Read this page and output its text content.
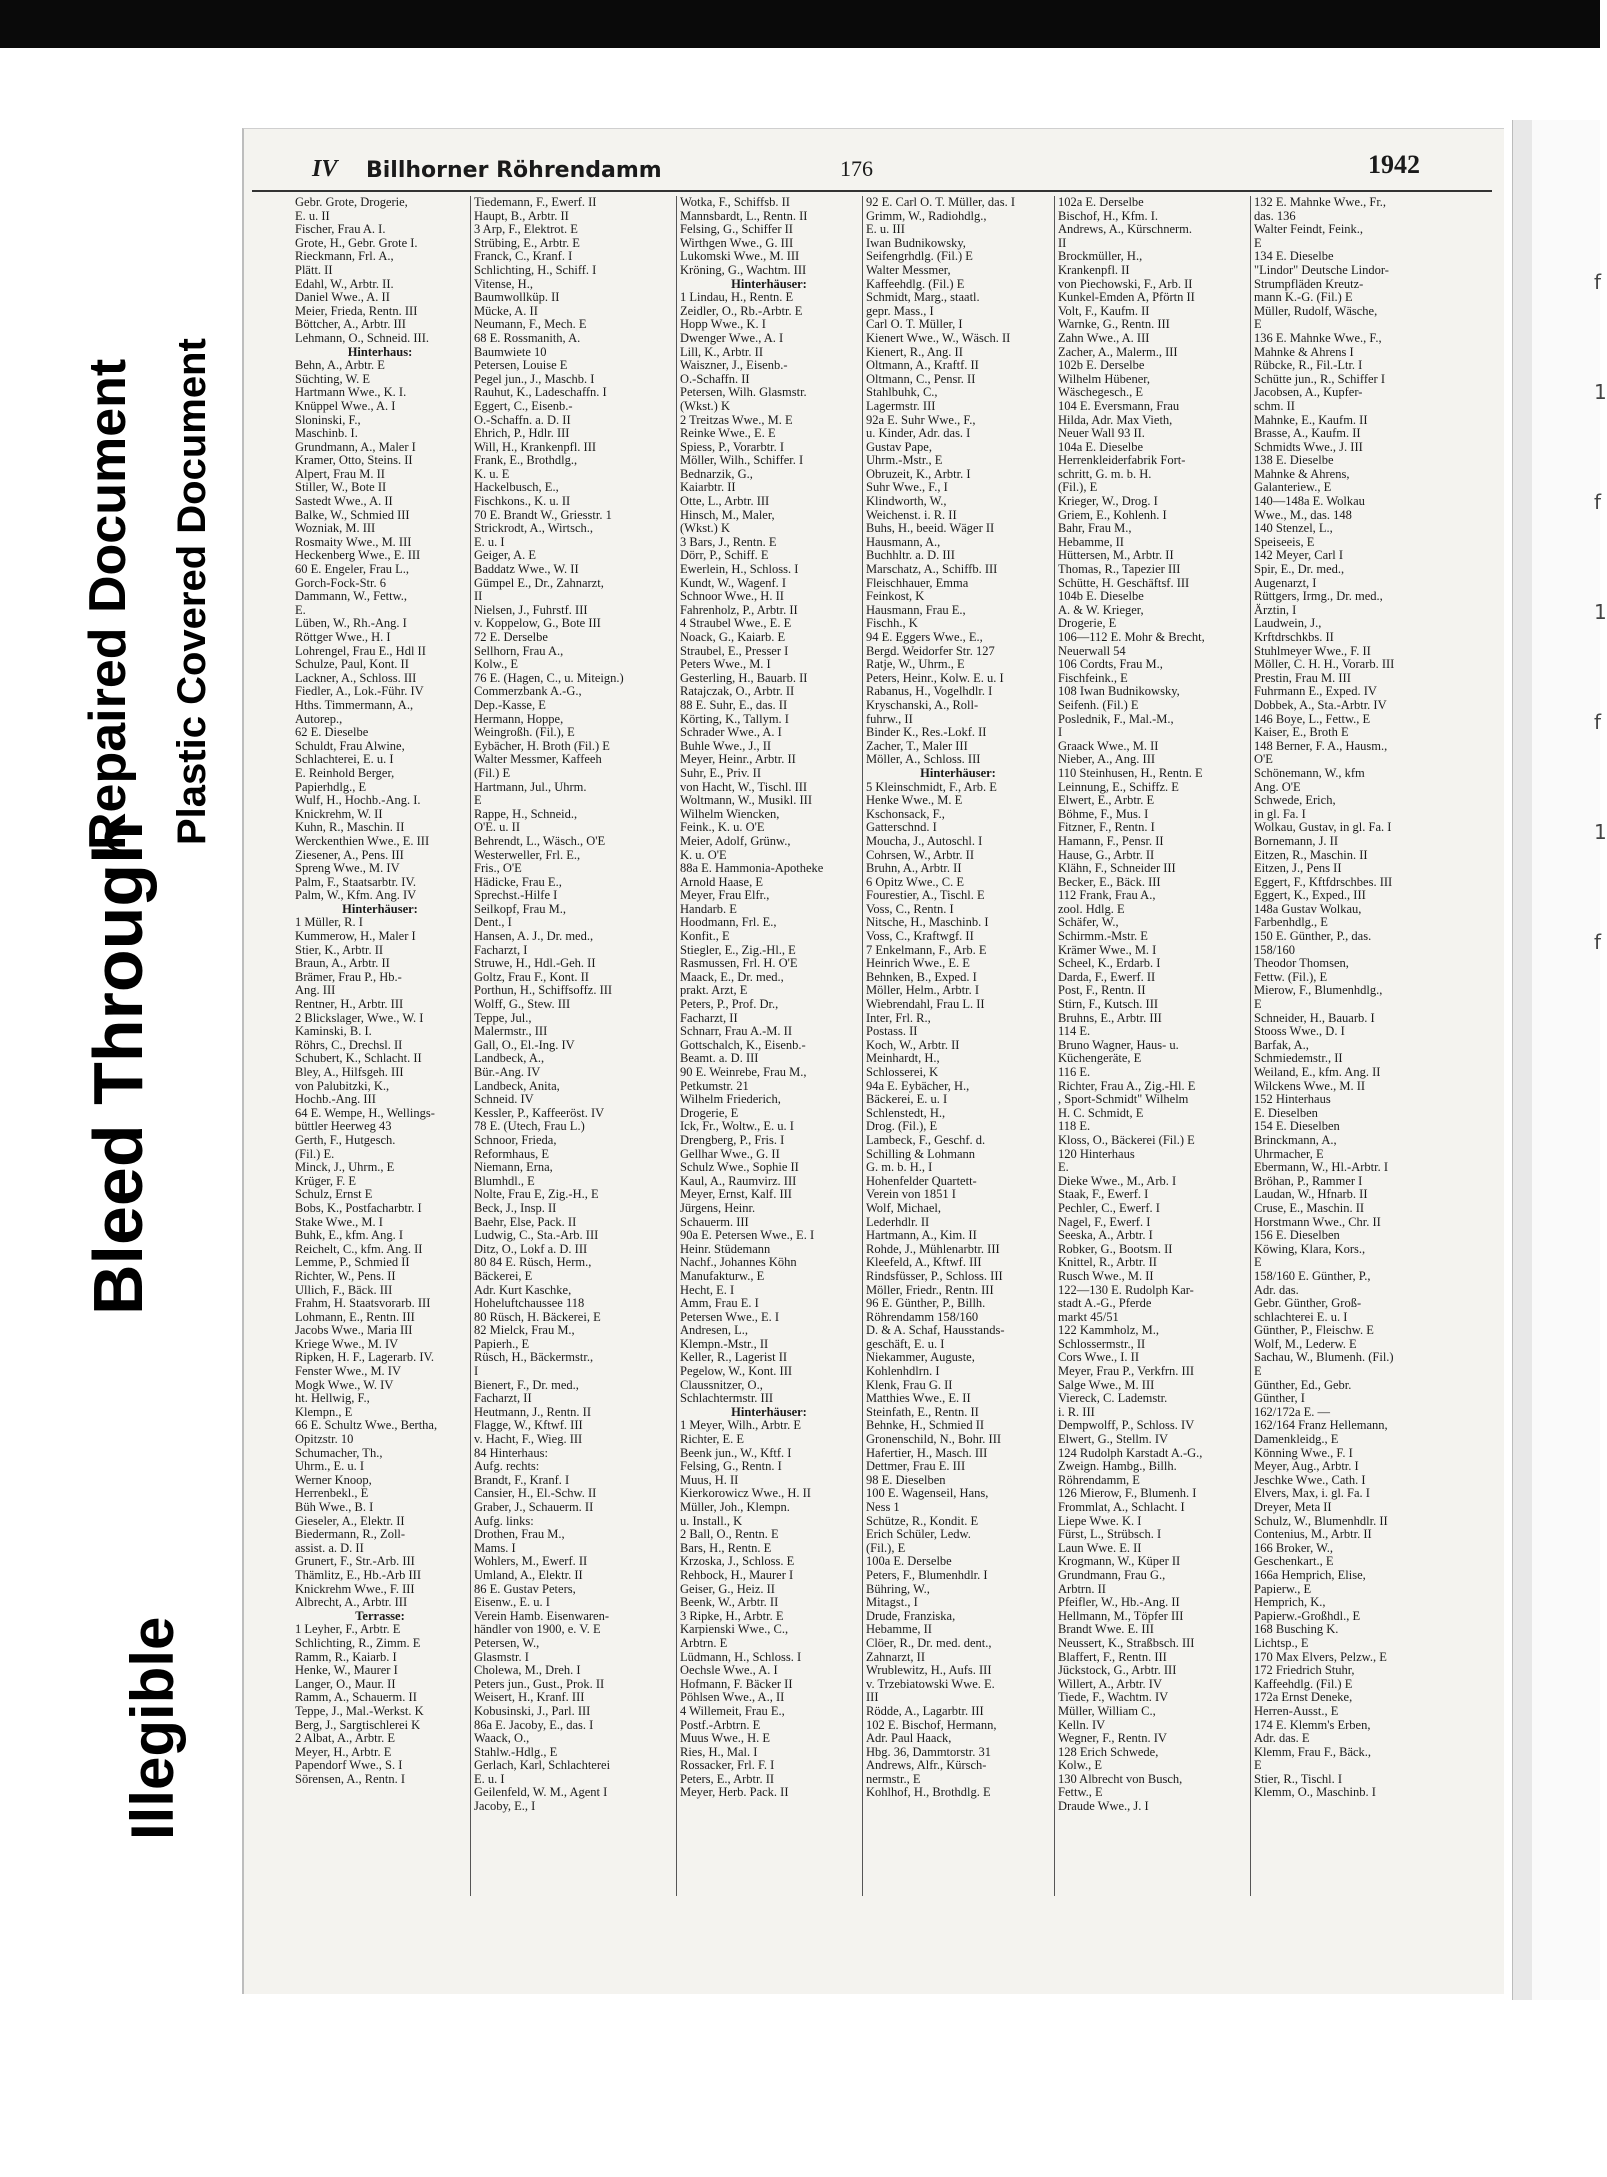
Bleed Through
Repaired Document Plastic Covered Document
Illegible
f
1
f
1
f
1
f
IV Billhorner Röhrendamm	176	1942
Gebr. Grote, Drogerie,
E. u. II
Fischer, Frau A. I.
Grote, H., Gebr. Grote I.
Rieckmann, Frl. A.,
Plätt. II
Edahl, W., Arbtr. II.
Daniel Wwe., A. II
Meier, Frieda, Rentn. III
Böttcher, A., Arbtr. III
Lehmann, O., Schneid. III.
Hinterhaus:
Behn, A., Arbtr. E
Süchting, W. E
Hartmann Wwe., K. I.
Knüppel Wwe., A. I
Sloninski, F.,
Maschinb. I.
Grundmann, A., Maler I
Kramer, Otto, Steins. II
Alpert, Frau M. II
Stiller, W., Bote II
Sastedt Wwe., A. II
Balke, W., Schmied III
Wozniak, M. III
Rosmaity Wwe., M. III
Heckenberg Wwe., E. III
60 E. Engeler, Frau L.,
Gorch-Fock-Str. 6
Dammann, W., Fettw.,
E.
Lüben, W., Rh.-Ang. I
Röttger Wwe., H. I
Lohrengel, Frau E., Hdl II
Schulze, Paul, Kont. II
Lackner, A., Schloss. III
Fiedler, A., Lok.-Führ. IV
Hths. Timmermann, A.,
Autorep.,
62 E. Dieselbe
Schuldt, Frau Alwine,
Schlachterei, E. u. I
E. Reinhold Berger,
Papierhdlg., E
Wulf, H., Hochb.-Ang. I.
Knickrehm, W. II
Kuhn, R., Maschin. II
Werckenthien Wwe., E. III
Ziesener, A., Pens. III
Spreng Wwe., M. IV
Palm, F., Staatsarbtr. IV.
Palm, W., Kfm. Ang. IV
Hinterhäuser:
1 Müller, R. I
Kummerow, H., Maler I
Stier, K., Arbtr. II
Braun, A., Arbtr. II
Brämer, Frau P., Hb.-
Ang. III
Rentner, H., Arbtr. III
2 Blickslager, Wwe., W. I
Kaminski, B. I.
Röhrs, C., Drechsl. II
Schubert, K., Schlacht. II
Bley, A., Hilfsgeh. III
von Palubitzki, K.,
Hochb.-Ang. III
64 E. Wempe, H., Wellings-
büttler Heerweg 43
Gerth, F., Hutgesch.
(Fil.) E.
Minck, J., Uhrm., E
Krüger, F. E
Schulz, Ernst E
Bobs, K., Postfacharbtr. I
Stake Wwe., M. I
Buhk, E., kfm. Ang. I
Reichelt, C., kfm. Ang. II
Lemme, P., Schmied II
Richter, W., Pens. II
Ullich, F., Bäck. III
Frahm, H. Staatsvorarb. III
Lohmann, E., Rentn. III
Jacobs Wwe., Maria III
Kriege Wwe., M. IV
Ripken, H. F., Lagerarb. IV.
Fenster Wwe., M. IV
Mogk Wwe., W. IV
ht. Hellwig, F.,
Klempn., E
66 E. Schultz Wwe., Bertha,
Opitzstr. 10
Schumacher, Th.,
Uhrm., E. u. I
Werner Knoop,
Herrenbekl., E
Büh Wwe., B. I
Gieseler, A., Elektr. II
Biedermann, R., Zoll-
assist. a. D. II
Grunert, F., Str.-Arb. III
Thämlitz, E., Hb.-Arb III
Knickrehm Wwe., F. III
Albrecht, A., Arbtr. III
Terrasse:
1 Leyher, F., Arbtr. E
Schlichting, R., Zimm. E
Ramm, R., Kaiarb. I
Henke, W., Maurer I
Langer, O., Maur. II
Ramm, A., Schauerm. II
Teppe, J., Mal.-Werkst. K
Berg, J., Sargtischlerei K
2 Albat, A., Arbtr. E
Meyer, H., Arbtr. E
Papendorf Wwe., S. I
Sörensen, A., Rentn. I
Tiedemann, F., Ewerf. II
Haupt, B., Arbtr. II
3 Arp, F., Elektrot. E
Strübing, E., Arbtr. E
Franck, C., Kranf. I
Schlichting, H., Schiff. I
Vitense, H.,
Baumwollküp. II
Mücke, A. II
Neumann, F., Mech. E
68 E. Rossmanith, A.
Baumwiete 10
Petersen, Louise E
Pegel jun., J., Maschb. I
Rauhut, K., Ladeschaffn. I
Eggert, C., Eisenb.-
O.-Schaffn. a. D. II
Ehrich, P., Hdlr. III
Will, H., Krankenpfl. III
Frank, E., Brothdlg.,
K. u. E
Hackelbusch, E.,
Fischkons., K. u. II
70 E. Brandt W., Griesstr. 1
Strickrodt, A., Wirtsch.,
E. u. I
Geiger, A. E
Baddatz Wwe., W. II
Gümpel E., Dr., Zahnarzt,
II
Nielsen, J., Fuhrstf. III
v. Koppelow, G., Bote III
72 E. Derselbe
Sellhorn, Frau A.,
Kolw., E
76 E. (Hagen, C., u. Miteign.)
Commerzbank A.-G.,
Dep.-Kasse, E
Hermann, Hoppe,
Weingroßh. (Fil.), E
Eybächer, H. Broth (Fil.) E
Walter Messmer, Kaffeeh
(Fil.) E
Hartmann, Jul., Uhrm.
E
Rappe, H., Schneid.,
O'E. u. II
Behrendt, L., Wäsch., O'E
Westerweller, Frl. E.,
Fris., O'E
Hädicke, Frau E.,
Sprechst.-Hilfe I
Seilkopf, Frau M.,
Dent., I
Hansen, A. J., Dr. med.,
Facharzt, I
Struwe, H., Hdl.-Geh. II
Goltz, Frau F., Kont. II
Porthun, H., Schiffsoffz. III
Wolff, G., Stew. III
Teppe, Jul.,
Malermstr., III
Gall, O., El.-Ing. IV
Landbeck, A.,
Bür.-Ang. IV
Landbeck, Anita,
Schneid. IV
Kessler, P., Kaffeeröst. IV
78 E. (Utech, Frau L.)
Schnoor, Frieda,
Reformhaus, E
Niemann, Erna,
Blumhdl., E
Nolte, Frau E, Zig.-H., E
Beck, J., Insp. II
Baehr, Else, Pack. II
Ludwig, C., Sta.-Arb. III
Ditz, O., Lokf a. D. III
80 84 E. Rüsch, Herm.,
Bäckerei, E
Adr. Kurt Kaschke,
Hoheluftchaussee 118
80 Rüsch, H. Bäckerei, E
82 Mielck, Frau M.,
Papierh., E
Rüsch, H., Bäckermstr.,
I
Bienert, F., Dr. med.,
Facharzt, II
Heutmann, J., Rentn. II
Flagge, W., Kftwf. III
v. Hacht, F., Wieg. III
84 Hinterhaus:
Aufg. rechts:
Brandt, F., Kranf. I
Cansier, H., El.-Schw. II
Graber, J., Schauerm. II
Aufg. links:
Drothen, Frau M.,
Mams. I
Wohlers, M., Ewerf. II
Umland, A., Elektr. II
86 E. Gustav Peters,
Eisenw., E. u. I
Verein Hamb. Eisenwaren-
händler von 1900, e. V. E
Petersen, W.,
Glasmstr. I
Cholewa, M., Dreh. I
Peters jun., Gust., Prok. II
Weisert, H., Kranf. III
Kobusinski, J., Parl. III
86a E. Jacoby, E., das. I
Waack, O.,
Stahlw.-Hdlg., E
Gerlach, Karl, Schlachterei
E. u. I
Geilenfeld, W. M., Agent I
Jacoby, E., I
Wotka, F., Schiffsb. II
Mannsbardt, L., Rentn. II
Felsing, G., Schiffer II
Wirthgen Wwe., G. III
Lukomski Wwe., M. III
Kröning, G., Wachtm. III
Hinterhäuser:
1 Lindau, H., Rentn. E
Zeidler, O., Rb.-Arbtr. E
Hopp Wwe., K. I
Dwenger Wwe., A. I
Lill, K., Arbtr. II
Waiszner, J., Eisenb.-
O.-Schaffn. II
Petersen, Wilh. Glasmstr.
(Wkst.) K
2 Treitzas Wwe., M. E
Reinke Wwe., E. E
Spiess, P., Vorarbtr. I
Möller, Wilh., Schiffer. I
Bednarzik, G.,
Kaiarbtr. II
Otte, L., Arbtr. III
Hinsch, M., Maler,
(Wkst.) K
3 Bars, J., Rentn. E
Dörr, P., Schiff. E
Ewerlein, H., Schloss. I
Kundt, W., Wagenf. I
Schnoor Wwe., H. II
Fahrenholz, P., Arbtr. II
4 Straubel Wwe., E. E
Noack, G., Kaiarb. E
Straubel, E., Presser I
Peters Wwe., M. I
Gesterling, H., Bauarb. II
Ratajczak, O., Arbtr. II
88 E. Suhr, E., das. II
Körting, K., Tallym. I
Schrader Wwe., A. I
Buhle Wwe., J., II
Meyer, Heinr., Arbtr. II
Suhr, E., Priv. II
von Hacht, W., Tischl. III
Woltmann, W., Musikl. III
Wilhelm Wiencken,
Feink., K. u. O'E
Meier, Adolf, Grünw.,
K. u. O'E
88a E. Hammonia-Apotheke
Arnold Haase, E
Meyer, Frau Elfr.,
Handarb. E
Hoodmann, Frl. E.,
Konfit., E
Stiegler, E., Zig.-Hl., E
Rasmussen, Frl. H. O'E
Maack, E., Dr. med.,
prakt. Arzt, E
Peters, P., Prof. Dr.,
Facharzt, II
Schnarr, Frau A.-M. II
Gottschalch, K., Eisenb.-
Beamt. a. D. III
90 E. Weinrebe, Frau M.,
Petkumstr. 21
Wilhelm Friederich,
Drogerie, E
Ick, Fr., Woltw., E. u. I
Drengberg, P., Fris. I
Gellhar Wwe., G. II
Schulz Wwe., Sophie II
Kaul, A., Raumvirz. III
Meyer, Ernst, Kalf. III
Jürgens, Heinr.
Schauerm. III
90a E. Petersen Wwe., E. I
Heinr. Stüdemann
Nachf., Johannes Köhn
Manufakturw., E
Hecht, E. I
Amm, Frau E. I
Petersen Wwe., E. I
Andresen, L.,
Klempn.-Mstr., II
Keller, R., Lagerist II
Pegelow, W., Kont. III
Claussnitzer, O.,
Schlachtermstr. III
Hinterhäuser:
1 Meyer, Wilh., Arbtr. E
Richter, E. E
Beenk jun., W., Kftf. I
Felsing, G., Rentn. I
Muus, H. II
Kierkorowicz Wwe., H. II
Müller, Joh., Klempn.
u. Install., K
2 Ball, O., Rentn. E
Bars, H., Rentn. E
Krzoska, J., Schloss. E
Rehbock, H., Maurer I
Geiser, G., Heiz. II
Beenk, W., Arbtr. II
3 Ripke, H., Arbtr. E
Karpienski Wwe., C.,
Arbtrn. E
Lüdmann, H., Schloss. I
Oechsle Wwe., A. I
Hofmann, F. Bäcker II
Pöhlsen Wwe., A., II
4 Willemeit, Frau E.,
Postf.-Arbtrn. E
Muus Wwe., H. E
Ries, H., Mal. I
Rossacker, Frl. F. I
Peters, E., Arbtr. II
Meyer, Herb. Pack. II
92 E. Carl O. T. Müller, das. I
Grimm, W., Radiohdlg.,
E. u. III
Iwan Budnikowsky,
Seifengrhdlg. (Fil.) E
Walter Messmer,
Kaffeehdlg. (Fil.) E
Schmidt, Marg., staatl.
gepr. Mass., I
Carl O. T. Müller, I
Kienert Wwe., W., Wäsch. II
Kienert, R., Ang. II
Oltmann, A., Kraftf. II
Oltmann, C., Pensr. II
Stahlbuhk, C.,
Lagermstr. III
92a E. Suhr Wwe., F.,
u. Kinder, Adr. das. I
Gustav Pape,
Uhrm.-Mstr., E
Obruzeit, K., Arbtr. I
Suhr Wwe., F., I
Klindworth, W.,
Weichenst. i. R. II
Buhs, H., beeid. Wäger II
Hausmann, A.,
Buchhltr. a. D. III
Marschatz, A., Schiffb. III
Fleischhauer, Emma
Feinkost, K
Hausmann, Frau E.,
Fischh., K
94 E. Eggers Wwe., E.,
Bergd. Weidorfer Str. 127
Ratje, W., Uhrm., E
Peters, Heinr., Kolw. E. u. I
Rabanus, H., Vogelhdlr. I
Kryschanski, A., Roll-
fuhrw., II
Binder K., Res.-Lokf. II
Zacher, T., Maler III
Möller, A., Schloss. III
Hinterhäuser:
5 Kleinschmidt, F., Arb. E
Henke Wwe., M. E
Kschonsack, F.,
Gatterschnd. I
Moucha, J., Autoschl. I
Cohrsen, W., Arbtr. II
Bruhn, A., Arbtr. II
6 Opitz Wwe., C. E
Fourestier, A., Tischl. E
Voss, C., Rentn. I
Nitsche, H., Maschinb. I
Voss, C., Kraftwgf. II
7 Enkelmann, F., Arb. E
Heinrich Wwe., E. E
Behnken, B., Exped. I
Möller, Helm., Arbtr. I
Wiebrendahl, Frau L. II
Inter, Frl. R.,
Postass. II
Koch, W., Arbtr. II
Meinhardt, H.,
Schlosserei, K
94a E. Eybächer, H.,
Bäckerei, E. u. I
Schlenstedt, H.,
Drog. (Fil.), E
Lambeck, F., Geschf. d.
Schilling & Lohmann
G. m. b. H., I
Hohenfelder Quartett-
Verein von 1851 I
Wolf, Michael,
Lederhdlr. II
Hartmann, A., Kim. II
Rohde, J., Mühlenarbtr. III
Kleefeld, A., Kftwf. III
Rindsfüsser, P., Schloss. III
Möller, Friedr., Rentn. III
96 E. Günther, P., Billh.
Röhrendamm 158/160
D. & A. Schaf, Hausstands-
geschäft, E. u. I
Niekammer, Auguste,
Kohlenhdlrn. I
Klenk, Frau G. II
Matthies Wwe., E. II
Steinfath, E., Rentn. II
Behnke, H., Schmied II
Gronenschild, N., Bohr. III
Hafertier, H., Masch. III
Dettmer, Frau E. III
98 E. Dieselben
100 E. Wagenseil, Hans,
Ness 1
Schütze, R., Kondit. E
Erich Schüler, Ledw.
(Fil.), E
100a E. Derselbe
Peters, F., Blumenhdlr. I
Bühring, W.,
Mitagst., I
Drude, Franziska,
Hebamme, II
Clöer, R., Dr. med. dent.,
Zahnarzt, II
Wrublewitz, H., Aufs. III
v. Trzebiatowski Wwe. E.
III
Rödde, A., Lagarbtr. III
102 E. Bischof, Hermann,
Adr. Paul Haack,
Hbg. 36, Dammtorstr. 31
Andrews, Alfr., Kürsch-
nermstr., E
Kohlhof, H., Brothdlg. E
102a E. Derselbe
Bischof, H., Kfm. I.
Andrews, A., Kürschnerm.
II
Brockmüller, H.,
Krankenpfl. II
von Piechowski, F., Arb. II
Kunkel-Emden A, Pförtn II
Volt, F., Kaufm. II
Warnke, G., Rentn. III
Zahn Wwe., A. III
Zacher, A., Malerm., III
102b E. Derselbe
Wilhelm Hübener,
Wäschegesch., E
104 E. Eversmann, Frau
Hilda, Adr. Max Vieth,
Neuer Wall 93 II.
104a E. Dieselbe
Herrenkleiderfabrik Fort-
schritt, G. m. b. H.
(Fil.), E
Krieger, W., Drog. I
Griem, E., Kohlenh. I
Bahr, Frau M.,
Hebamme, II
Hüttersen, M., Arbtr. II
Thomas, R., Tapezier III
Schütte, H. Geschäftsf. III
104b E. Dieselbe
A. & W. Krieger,
Drogerie, E
106—112 E. Mohr & Brecht,
Neuerwall 54
106 Cordts, Frau M.,
Fischfeink., E
108 Iwan Budnikowsky,
Seifenh. (Fil.) E
Poslednik, F., Mal.-M.,
I
Graack Wwe., M. II
Nieber, A., Ang. III
110 Steinhusen, H., Rentn. E
Leinnung, E., Schiffz. E
Elwert, E., Arbtr. E
Böhme, F., Mus. I
Fitzner, F., Rentn. I
Hamann, F., Pensr. II
Hause, G., Arbtr. II
Klähn, F., Schneider III
Becker, E., Bäck. III
112 Frank, Frau A.,
zool. Hdlg. E
Schäfer, W.,
Schirmm.-Mstr. E
Krämer Wwe., M. I
Scheel, K., Erdarb. I
Darda, F., Ewerf. II
Post, F., Rentn. II
Stirn, F., Kutsch. III
Bruhns, E., Arbtr. III
114 E.
Bruno Wagner, Haus- u.
Küchengeräte, E
116 E.
Richter, Frau A., Zig.-Hl. E
, Sport-Schmidt" Wilhelm
H. C. Schmidt, E
118 E.
Kloss, O., Bäckerei (Fil.) E
120 Hinterhaus
E.
Dieke Wwe., M., Arb. I
Staak, F., Ewerf. I
Pechler, C., Ewerf. I
Nagel, F., Ewerf. I
Seeska, A., Arbtr. I
Robker, G., Bootsm. II
Knittel, R., Arbtr. II
Rusch Wwe., M. II
122—130 E. Rudolph Kar-
stadt A.-G., Pferde
markt 45/51
122 Kammholz, M.,
Schlossermstr., II
Cors Wwe., I. II
Meyer, Frau P., Verkfrn. III
Salge Wwe., M. III
Viereck, C. Lademstr.
i. R. III
Dempwolff, P., Schloss. IV
Elwert, G., Stellm. IV
124 Rudolph Karstadt A.-G.,
Zweign. Hambg., Billh.
Röhrendamm, E
126 Mierow, F., Blumenh. I
Frommlat, A., Schlacht. I
Liepe Wwe. K. I
Fürst, L., Strübsch. I
Laun Wwe. E. II
Krogmann, W., Küper II
Grundmann, Frau G.,
Arbtrn. II
Pfeifler, W., Hb.-Ang. II
Hellmann, M., Töpfer III
Brandt Wwe. E. III
Neussert, K., Straßbsch. III
Blaffert, F., Rentn. III
Jückstock, G., Arbtr. III
Willert, A., Arbtr. IV
Tiede, F., Wachtm. IV
Müller, William C.,
Kelln. IV
Wegner, F., Rentn. IV
128 Erich Schwede,
Kolw., E
130 Albrecht von Busch,
Fettw., E
Draude Wwe., J. I
132 E. Mahnke Wwe., Fr.,
das. 136
Walter Feindt, Feink.,
E
134 E. Dieselbe
"Lindor" Deutsche Lindor-
Strumpfläden Kreutz-
mann K.-G. (Fil.) E
Müller, Rudolf, Wäsche,
E
136 E. Mahnke Wwe., F.,
Mahnke & Ahrens I
Rübcke, R., Fil.-Ltr. I
Schütte jun., R., Schiffer I
Jacobsen, A., Kupfer-
schm. II
Mahnke, E., Kaufm. II
Brasse, A., Kaufm. II
Schmidts Wwe., J. III
138 E. Dieselbe
Mahnke & Ahrens,
Galanteriew., E
140—148a E. Wolkau
Wwe., M., das. 148
140 Stenzel, L.,
Speiseeis, E
142 Meyer, Carl I
Spir, E., Dr. med.,
Augenarzt, I
Rüttgers, Irmg., Dr. med.,
Ärztin, I
Laudwein, J.,
Krftdrschkbs. II
Stuhlmeyer Wwe., F. II
Möller, C. H. H., Vorarb. III
Prestin, Frau M. III
Fuhrmann E., Exped. IV
Dobbek, A., Sta.-Arbtr. IV
146 Boye, L., Fettw., E
Kaiser, E., Broth E
148 Berner, F. A., Hausm.,
O'E
Schönemann, W., kfm
Ang. O'E
Schwede, Erich,
in gl. Fa. I
Wolkau, Gustav, in gl. Fa. I
Bornemann, J. II
Eitzen, R., Maschin. II
Eitzen, J., Pens II
Eggert, F., Kftfdrschbes. III
Eggert, K., Exped., III
148a Gustav Wolkau,
Farbenhdlg., E
150 E. Günther, P., das.
158/160
Theodor Thomsen,
Fettw. (Fil.), E
Mierow, F., Blumenhdlg.,
E
Schneider, H., Bauarb. I
Stooss Wwe., D. I
Barfak, A.,
Schmiedemstr., II
Weiland, E., kfm. Ang. II
Wilckens Wwe., M. II
152 Hinterhaus
E. Dieselben
154 E. Dieselben
Brinckmann, A.,
Uhrmacher, E
Ebermann, W., Hl.-Arbtr. I
Bröhan, P., Rammer I
Laudan, W., Hfnarb. II
Cruse, E., Maschin. II
Horstmann Wwe., Chr. II
156 E. Dieselben
Köwing, Klara, Kors.,
E
158/160 E. Günther, P.,
Adr. das.
Gebr. Günther, Groß-
schlachterei E. u. I
Günther, P., Fleischw. E
Wolf, M., Lederw. E
Sachau, W., Blumenh. (Fil.)
E
Günther, Ed., Gebr.
Günther, I
162/172a E. —
162/164 Franz Hellemann,
Damenkleidg., E
Könning Wwe., F. I
Meyer, Aug., Arbtr. I
Jeschke Wwe., Cath. I
Elvers, Max, i. gl. Fa. I
Dreyer, Meta II
Schulz, W., Blumenhdlr. II
Contenius, M., Arbtr. II
166 Broker, W.,
Geschenkart., E
166a Hemprich, Elise,
Papierw., E
Hemprich, K.,
Papierw.-Großhdl., E
168 Busching K.
Lichtsp., E
170 Max Elvers, Pelzw., E
172 Friedrich Stuhr,
Kaffeehdlg. (Fil.) E
172a Ernst Deneke,
Herren-Ausst., E
174 E. Klemm's Erben,
Adr. das. E
Klemm, Frau F., Bäck.,
E
Stier, R., Tischl. I
Klemm, O., Maschinb. I
